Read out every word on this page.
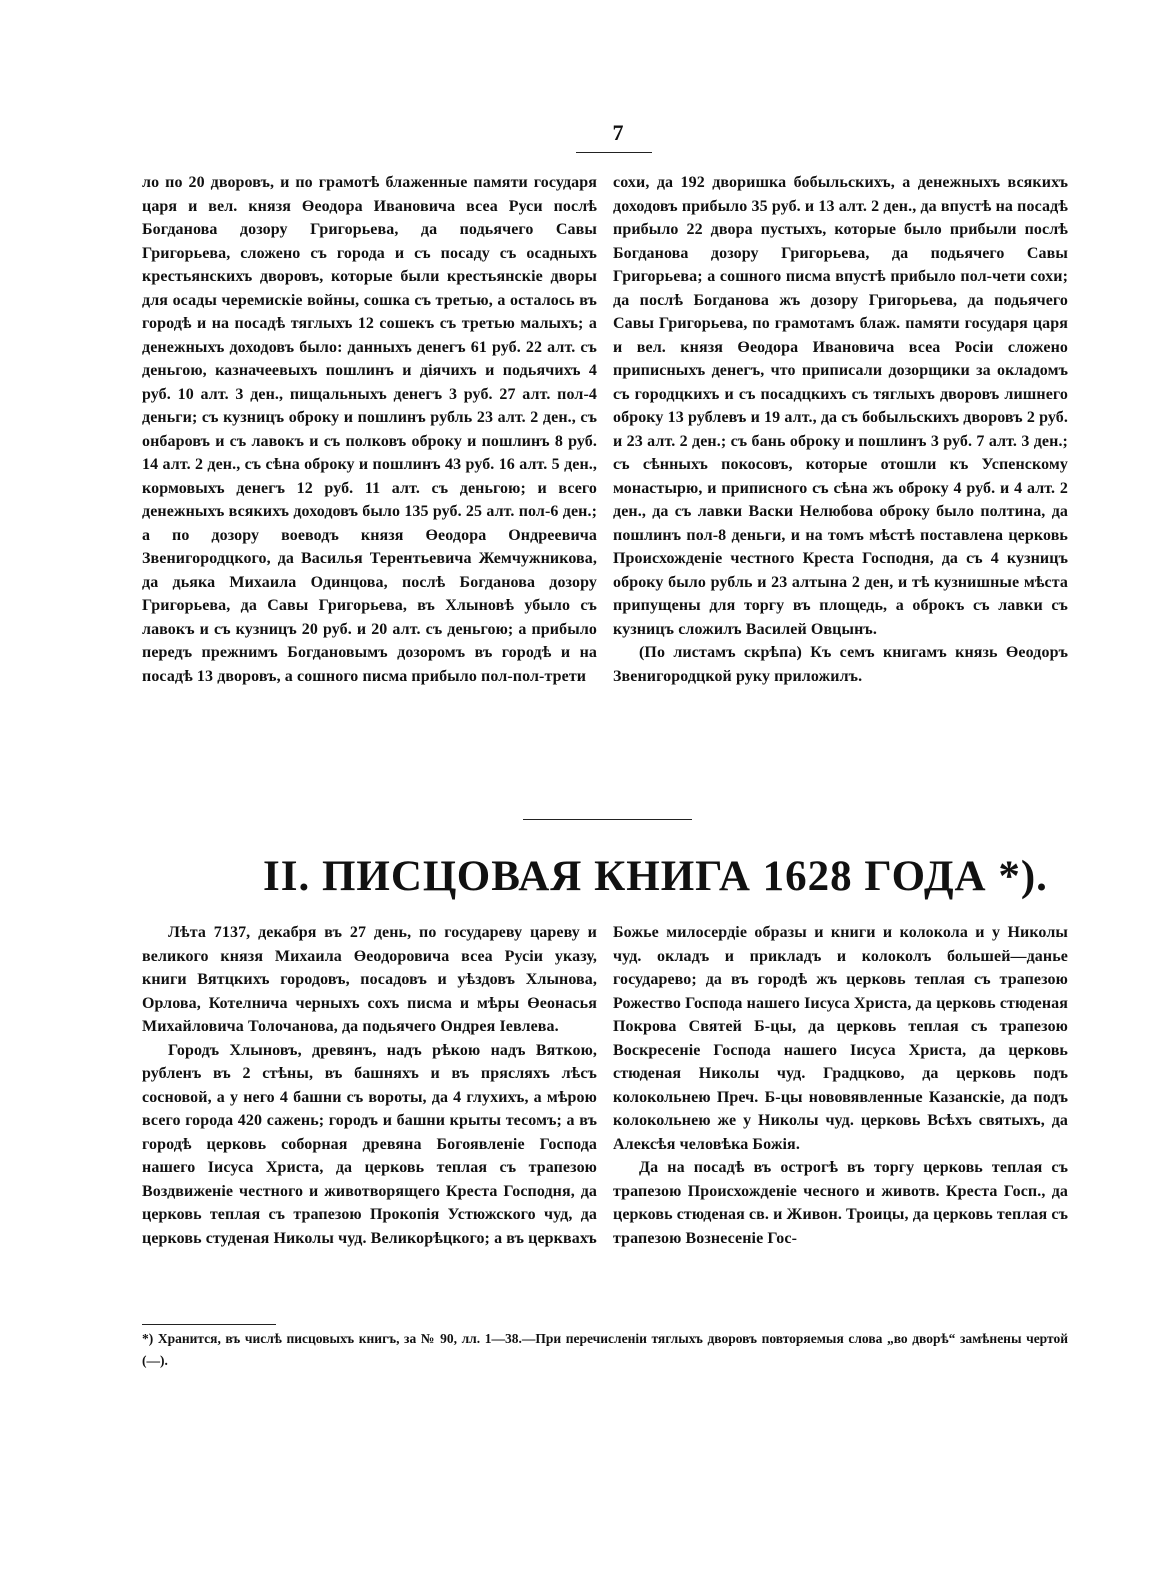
7

ло по 20 дворовъ, и по грамотѣ блаженные памяти государя царя и вел. князя Өеодора Ивановича всеа Руси послѣ Богданова дозору Григорьева, да подьячего Савы Григорьева, сложено съ города и съ посаду съ осадныхъ крестьянскихъ дворовъ, которые были крестьянскіе дворы для осады черемискіе войны, сошка съ третью, а осталось въ городѣ и на посадѣ тяглыхъ 12 сошекъ съ третью малыхъ; а денежныхъ доходовъ было: данныхъ денегъ 61 руб. 22 алт. съ деньгою, казначеевыхъ пошлинъ и діячихъ и подьячихъ 4 руб. 10 алт. 3 ден., пищальныхъ денегъ 3 руб. 27 алт. пол-4 деньги; съ кузницъ оброку и пошлинъ рубль 23 алт. 2 ден., съ онбаровъ и съ лавокъ и съ полковъ оброку и пошлинъ 8 руб. 14 алт. 2 ден., съ сѣна оброку и пошлинъ 43 руб. 16 алт. 5 ден., кормовыхъ денегъ 12 руб. 11 алт. съ деньгою; и всего денежныхъ всякихъ доходовъ было 135 руб. 25 алт. пол-6 ден.; а по дозору воеводъ князя Өеодора Ондреевича Звенигородцкого, да Василья Терентьевича Жемчужникова, да дьяка Михаила Одинцова, послѣ Богданова дозору Григорьева, да Савы Григорьева, въ Хлыновѣ убыло съ лавокъ и съ кузницъ 20 руб. и 20 алт. съ деньгою; а прибыло передъ прежнимъ Богдановымъ дозоромъ въ городѣ и на посадѣ 13 дворовъ, а сошного писма прибыло пол-пол-трети

сохи, да 192 дворишка бобыльскихъ, а денежныхъ всякихъ доходовъ прибыло 35 руб. и 13 алт. 2 ден., да впустѣ на посадѣ прибыло 22 двора пустыхъ, которые было прибыли послѣ Богданова дозору Григорьева, да подьячего Савы Григорьева; а сошного писма впустѣ прибыло пол-чети сохи; да послѣ Богданова жъ дозору Григорьева, да подьячего Савы Григорьева, по грамотамъ блаж. памяти государя царя и вел. князя Өеодора Ивановича всеа Росіи сложено приписныхъ денегъ, что приписали дозорщики за окладомъ съ городцкихъ и съ посадцкихъ съ тяглыхъ дворовъ лишнего оброку 13 рублевъ и 19 алт., да съ бобыльскихъ дворовъ 2 руб. и 23 алт. 2 ден.; съ бань оброку и пошлинъ 3 руб. 7 алт. 3 ден.; съ сѣнныхъ покосовъ, которые отошли къ Успенскому монастырю, и приписного съ сѣна жъ оброку 4 руб. и 4 алт. 2 ден., да съ лавки Васки Нелюбова оброку было полтина, да пошлинъ пол-8 деньги, и на томъ мѣстѣ поставлена церковь Происхожденіе честного Креста Господня, да съ 4 кузницъ оброку было рубль и 23 алтына 2 ден, и тѣ кузнишные мѣста припущены для торгу въ площедь, а оброкъ съ лавки съ кузницъ сложилъ Василей Овцынъ.

(По листамъ скрѣпа) Къ семъ книгамъ князь Өеодоръ Звенигородцкой руку приложилъ.

II. ПИСЦОВАЯ КНИГА 1628 ГОДА *).

Лѣта 7137, декабря въ 27 день, по государеву цареву и великого князя Михаила Өеодоровича всеа Русіи указу, книги Вятцкихъ городовъ, посадовъ и уѣздовъ Хлынова, Орлова, Котелнича черныхъ сохъ писма и мѣры Өеонасья Михайловича Толочанова, да подьячего Ондрея Іевлева.

Городъ Хлыновъ, древянъ, надъ рѣкою надъ Вяткою, рубленъ въ 2 стѣны, въ башняхъ и въ прясляхъ лѣсъ сосновой, а у него 4 башни съ вороты, да 4 глухихъ, а мѣрою всего города 420 сажень; городъ и башни крыты тесомъ; а въ городѣ церковь соборная древяна Богоявленіе Господа нашего Іисуса Христа, да церковь теплая съ трапезою Воздвиженіе честного и животворящего Креста Господня, да церковь теплая съ трапезою Прокопія Устюжского чуд, да церковь студеная Николы чуд. Великорѣцкого; а въ церквахъ

Божье милосердіе образы и книги и колокола и у Николы чуд. окладъ и прикладъ и колоколъ большей—данье государево; да въ городѣ жъ церковь теплая съ трапезою Рожество Господа нашего Іисуса Христа, да церковь стюденая Покрова Святей Б-цы, да церковь теплая съ трапезою Воскресеніе Господа нашего Іисуса Христа, да церковь стюденая Николы чуд. Градцково, да церковь подъ колокольнею Преч. Б-цы нововявленные Казанскіе, да подъ колокольнею же у Николы чуд. церковь Всѣхъ святыхъ, да Алексѣя человѣка Божія.

Да на посадѣ въ острогѣ въ торгу церковь теплая съ трапезою Происхожденіе чесного и животв. Креста Госп., да церковь стюденая св. и Живон. Троицы, да церковь теплая съ трапезою Вознесеніе Гос-

*) Хранится, въ числѣ писцовыхъ книгъ, за № 90, лл. 1—38.—При перечисленіи тяглыхъ дворовъ повторяемыя слова „во дворѣ“ замѣнены чертой (—).
